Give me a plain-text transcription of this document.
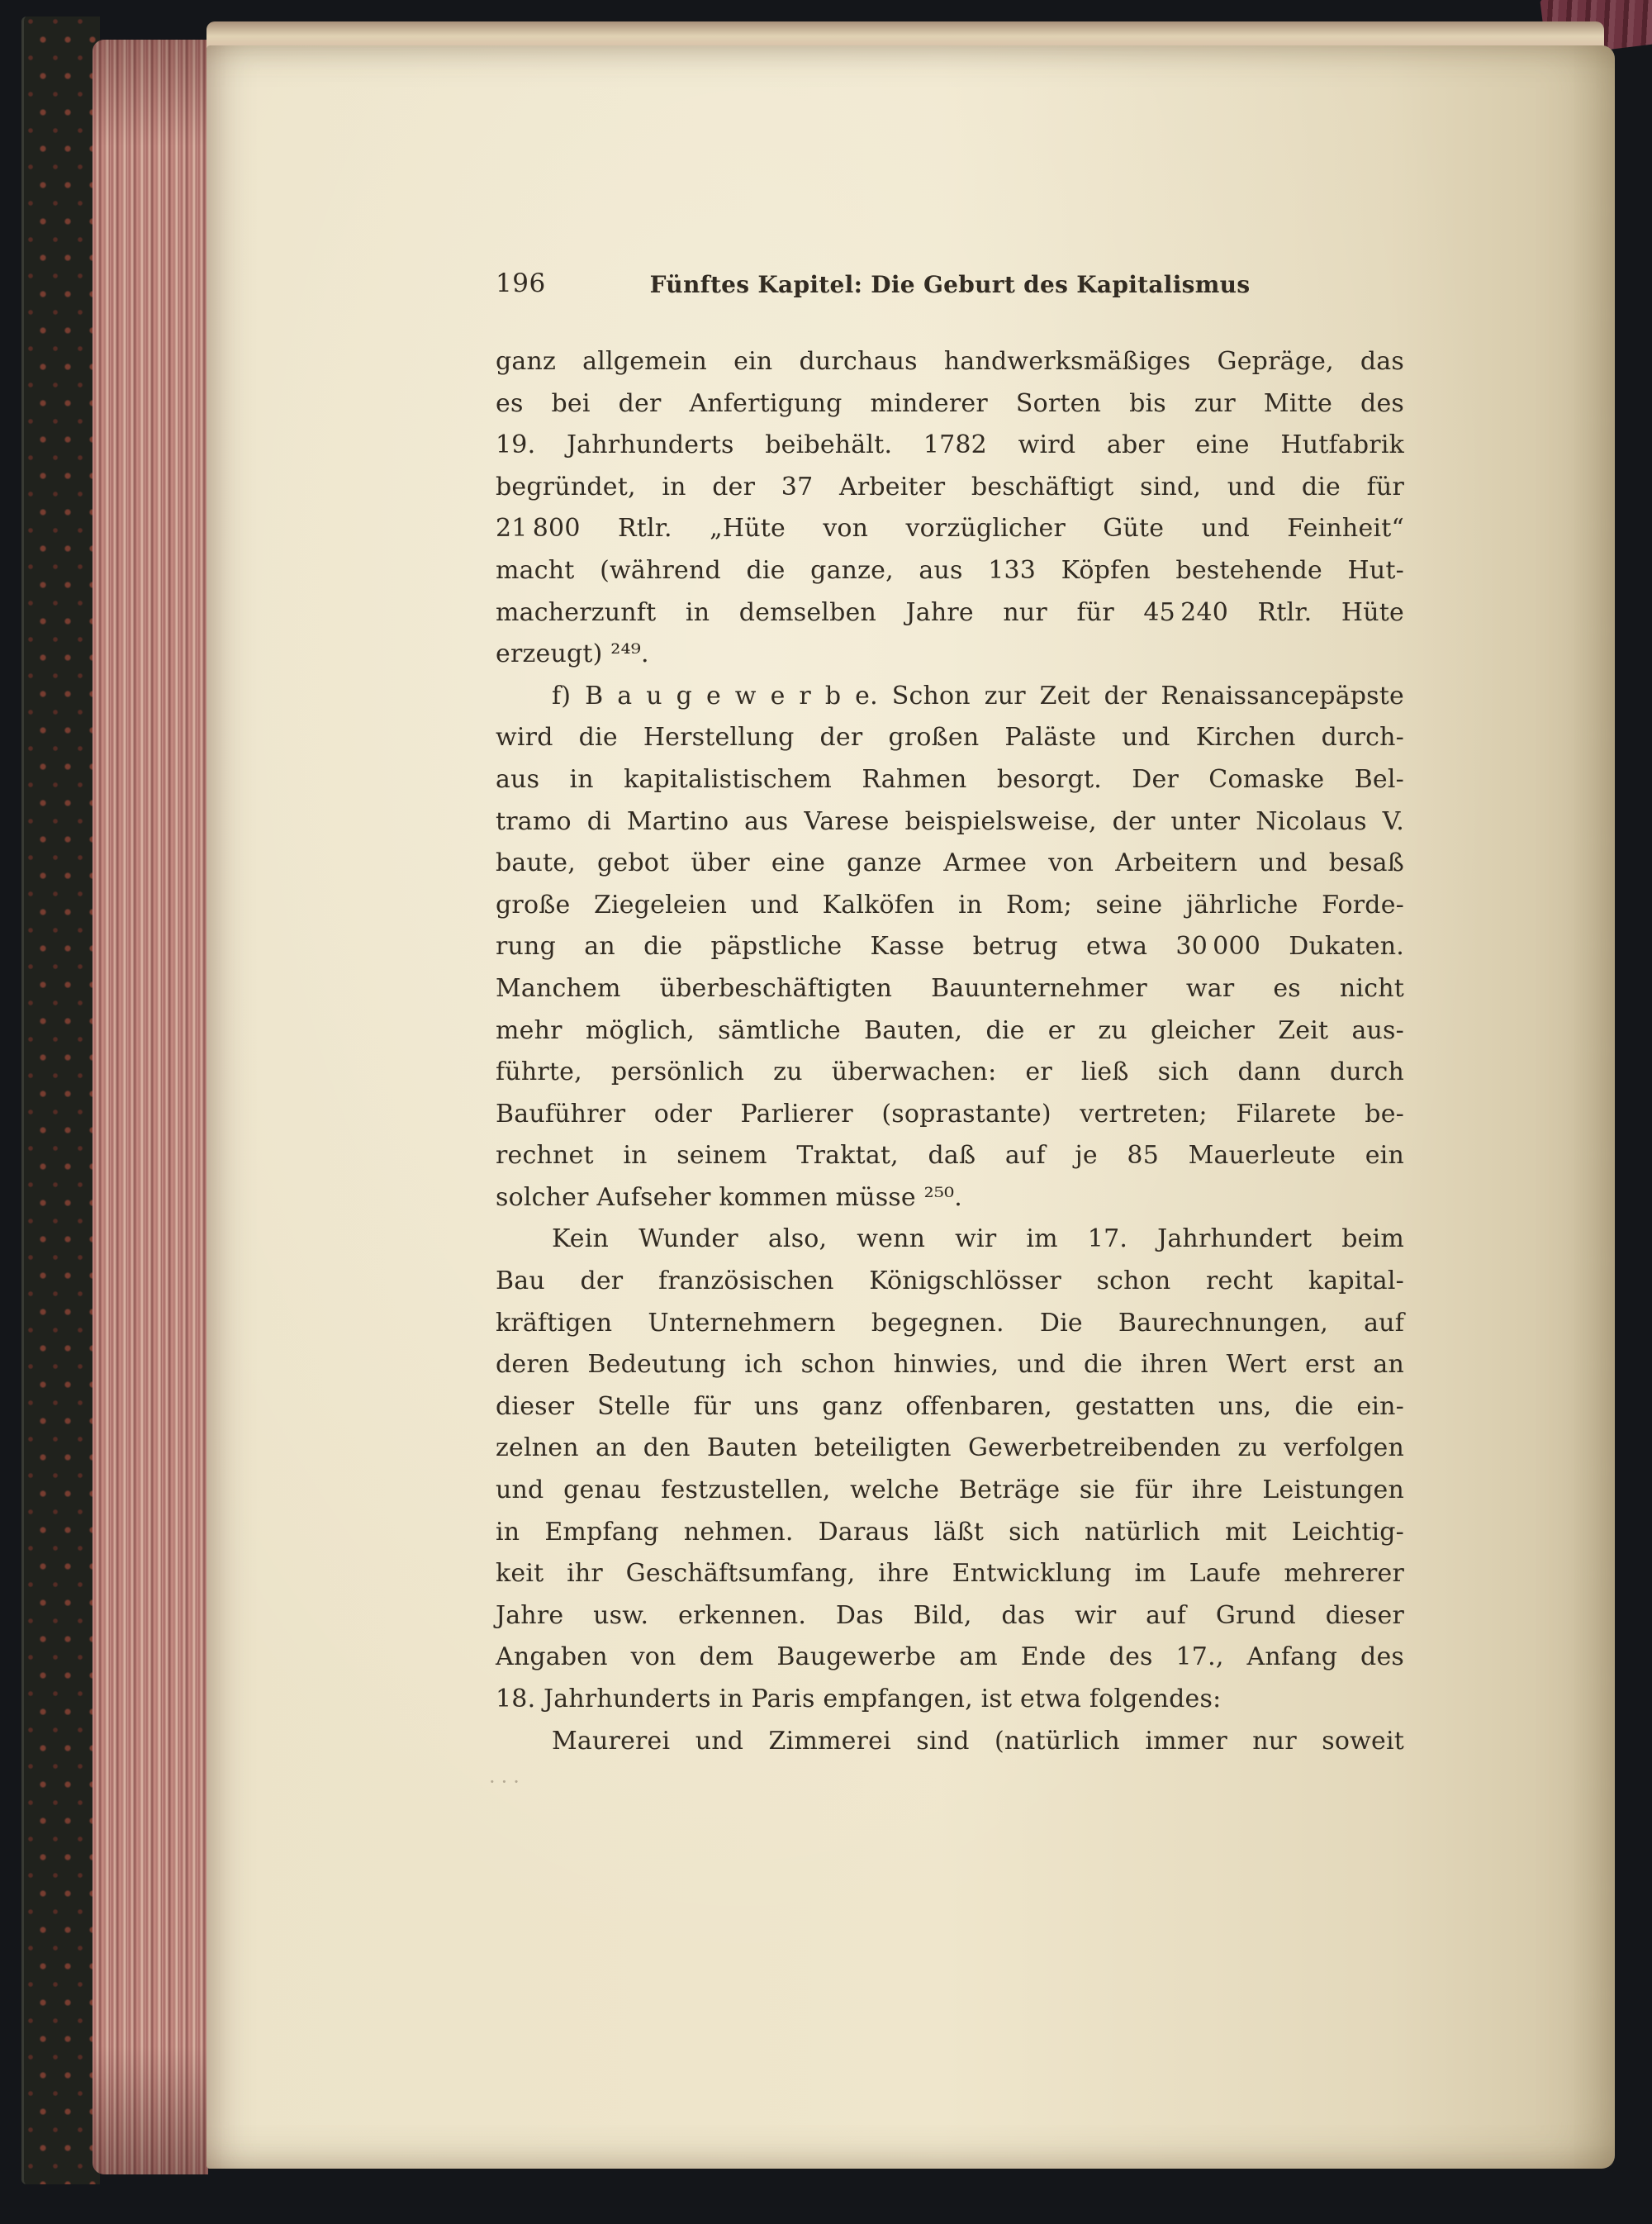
196	Fünftes Kapitel: Die Geburt des Kapitalismus
ganz allgemein ein durchaus handwerksmäßiges Gepräge, das
es bei der Anfertigung minderer Sorten bis zur Mitte des
19. Jahrhunderts beibehält. 1782 wird aber eine Hutfabrik
begründet, in der 37 Arbeiter beschäftigt sind, und die für
21 800 Rtlr. „Hüte von vorzüglicher Güte und Feinheit“
macht (während die ganze, aus 133 Köpfen bestehende Hut-
macherzunft in demselben Jahre nur für 45 240 Rtlr. Hüte
erzeugt) ²⁴⁹.
f) B a u g e w e r b e. Schon zur Zeit der Renaissancepäpste
wird die Herstellung der großen Paläste und Kirchen durch-
aus in kapitalistischem Rahmen besorgt. Der Comaske Bel-
tramo di Martino aus Varese beispielsweise, der unter Nicolaus V.
baute, gebot über eine ganze Armee von Arbeitern und besaß
große Ziegeleien und Kalköfen in Rom; seine jährliche Forde-
rung an die päpstliche Kasse betrug etwa 30 000 Dukaten.
Manchem überbeschäftigten Bauunternehmer war es nicht
mehr möglich, sämtliche Bauten, die er zu gleicher Zeit aus-
führte, persönlich zu überwachen: er ließ sich dann durch
Bauführer oder Parlierer (soprastante) vertreten; Filarete be-
rechnet in seinem Traktat, daß auf je 85 Mauerleute ein
solcher Aufseher kommen müsse ²⁵⁰.
Kein Wunder also, wenn wir im 17. Jahrhundert beim
Bau der französischen Königschlösser schon recht kapital-
kräftigen Unternehmern begegnen. Die Baurechnungen, auf
deren Bedeutung ich schon hinwies, und die ihren Wert erst an
dieser Stelle für uns ganz offenbaren, gestatten uns, die ein-
zelnen an den Bauten beteiligten Gewerbetreibenden zu verfolgen
und genau festzustellen, welche Beträge sie für ihre Leistungen
in Empfang nehmen. Daraus läßt sich natürlich mit Leichtig-
keit ihr Geschäftsumfang, ihre Entwicklung im Laufe mehrerer
Jahre usw. erkennen. Das Bild, das wir auf Grund dieser
Angaben von dem Baugewerbe am Ende des 17., Anfang des
18. Jahrhunderts in Paris empfangen, ist etwa folgendes:
Maurerei und Zimmerei sind (natürlich immer nur soweit
···
